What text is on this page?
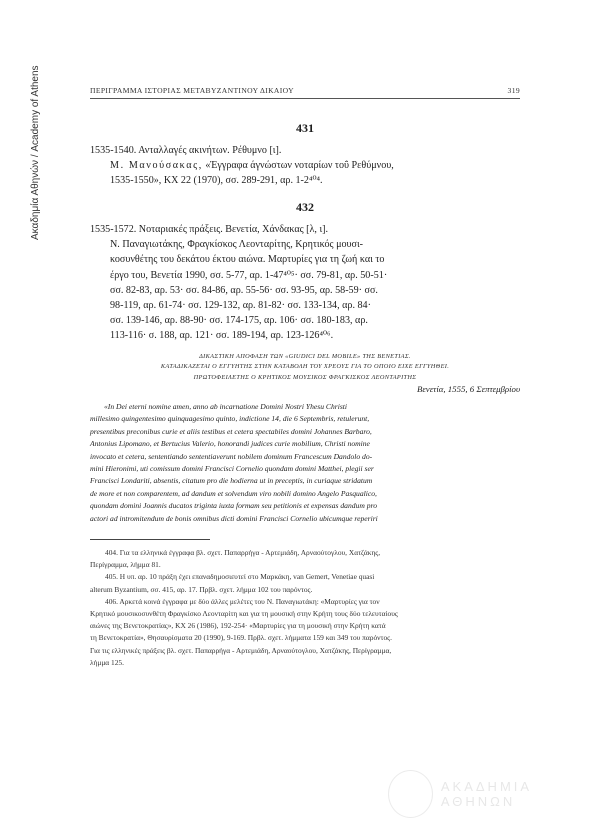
Ακαδημία Αθηνών / Academy of Athens	ΠΕΡΙΓΡΑΜΜΑ ΙΣΤΟΡΙΑΣ ΜΕΤΑΒΥΖΑΝΤΙΝΟΥ ΔΙΚΑΙΟΥ	319
431
1535-1540. Ανταλλαγές ακινήτων. Ρέθυμνο [ι].
Μ. Μανούσακας, «Έγγραφα άγνώστων νοταρίων τοΰ Ρεθύμνου,
1535-1550», ΚΧ 22 (1970), σσ. 289-291, αρ. 1-2⁴⁰⁴.
432
1535-1572. Νοταριακές πράξεις. Βενετία, Χάνδακας [λ, ι].
Ν. Παναγιωτάκης, Φραγκίσκος Λεονταρίτης, Κρητικός μουσι-
κοσυνθέτης του δεκάτου έκτου αιώνα. Μαρτυρίες για τη ζωή και το
έργο του, Βενετία 1990, σσ. 5-77, αρ. 1-47⁴⁰⁵· σσ. 79-81, αρ. 50-51·
σσ. 82-83, αρ. 53· σσ. 84-86, αρ. 55-56· σσ. 93-95, αρ. 58-59· σσ.
98-119, αρ. 61-74· σσ. 129-132, αρ. 81-82· σσ. 133-134, αρ. 84·
σσ. 139-146, αρ. 88-90· σσ. 174-175, αρ. 106· σσ. 180-183, αρ.
113-116· σ. 188, αρ. 121· σσ. 189-194, αρ. 123-126⁴⁰⁶.
ΔΙΚΑΣΤΙΚΗ ΑΠΟΦΑΣΗ ΤΩΝ «GIUDICI DEL MOBILE» ΤΗΣ ΒΕΝΕΤΙΑΣ.
ΚΑΤΑΔΙΚΑΖΕΤΑΙ Ο ΕΓΓΥΗΤΗΣ ΣΤΗΝ ΚΑΤΑΒΟΛΗ ΤΟΥ ΧΡΕΟΥΣ ΓΙΑ ΤΟ ΟΠΟΙΟ ΕΙΧΕ ΕΓΓΥΗΘΕΙ.
ΠΡΩΤΟΦΕΙΛΕΤΗΣ Ο ΚΡΗΤΙΚΟΣ ΜΟΥΣΙΚΟΣ ΦΡΑΓΚΙΣΚΟΣ ΛΕΟΝΤΑΡΙΤΗΣ
Βενετία, 1555, 6 Σεπτεμβρίου
«In Dei eterni nomine amen, anno ab incarnatione Domini Nostri Yhesu Christi
millesimo quingentesimo quinquagesimo quinto, indictione 14, die 6 Septembris, retulerunt,
presentibus preconibus curie et aliis testibus et cetera spectabiles domini Johannes Barbaro,
Antonius Lipomano, et Bertucius Valerio, honorandi judices curie mobilium, Christi nomine
invocato et cetera, sententiando sententiaverunt nobilem dominum Francescum Dandolo do-
mini Hieronimi, uti comissum domini Francisci Cornelio quondam domini Matthei, plegii ser
Francisci Londariti, absentis, citatum pro die hodierna ut in preceptis, in curiaque stridatum
de more et non comparentem, ad dandum et solvendum viro nobili domino Angelo Pasqualico,
quondam domini Joannis ducatos triginta iuxta formam seu petitionis et expensas dandum pro
actori ad intromitendum de bonis omnibus dicti domini Francisci Cornelio ubicumque reperiri
404. Για τα ελληνικά έγγραφα βλ. σχετ. Παπαρρήγα - Αρτεμιάδη, Αρναούτογλου, Χατζάκης,
Περίγραμμα, λήμμα 81.
405. Η υπ. αρ. 10 πράξη έχει επαναδημοσιευτεί στο Μαρκάκη, van Gemert, Venetiae quasi
alterum Byzantium, σσ. 415, αρ. 17. Πρβλ. σχετ. λήμμα 102 του παρόντος.
406. Αρκετά κοινά έγγραφα με δύο άλλες μελέτες του Ν. Παναγιωτάκη: «Μαρτυρίες για τον
Κρητικό μουσικοσυνθέτη Φραγκίσκο Λεονταρίτη και για τη μουσική στην Κρήτη τους δύο τελευταίους
αιώνες της Βενετοκρατίας», ΚΧ 26 (1986), 192-254· «Μαρτυρίες για τη μουσική στην Κρήτη κατά
τη Βενετοκρατία», Θησαυρίσματα 20 (1990), 9-169. Πρβλ. σχετ. λήμματα 159 και 349 του παρόντος.
Για τις ελληνικές πράξεις βλ. σχετ. Παπαρρήγα - Αρτεμιάδη, Αρναούτογλου, Χατζάκης, Περίγραμμα,
λήμμα 125.
ΑΚΑΔΗΜΙΑ ΑΘΗΝΩΝ
